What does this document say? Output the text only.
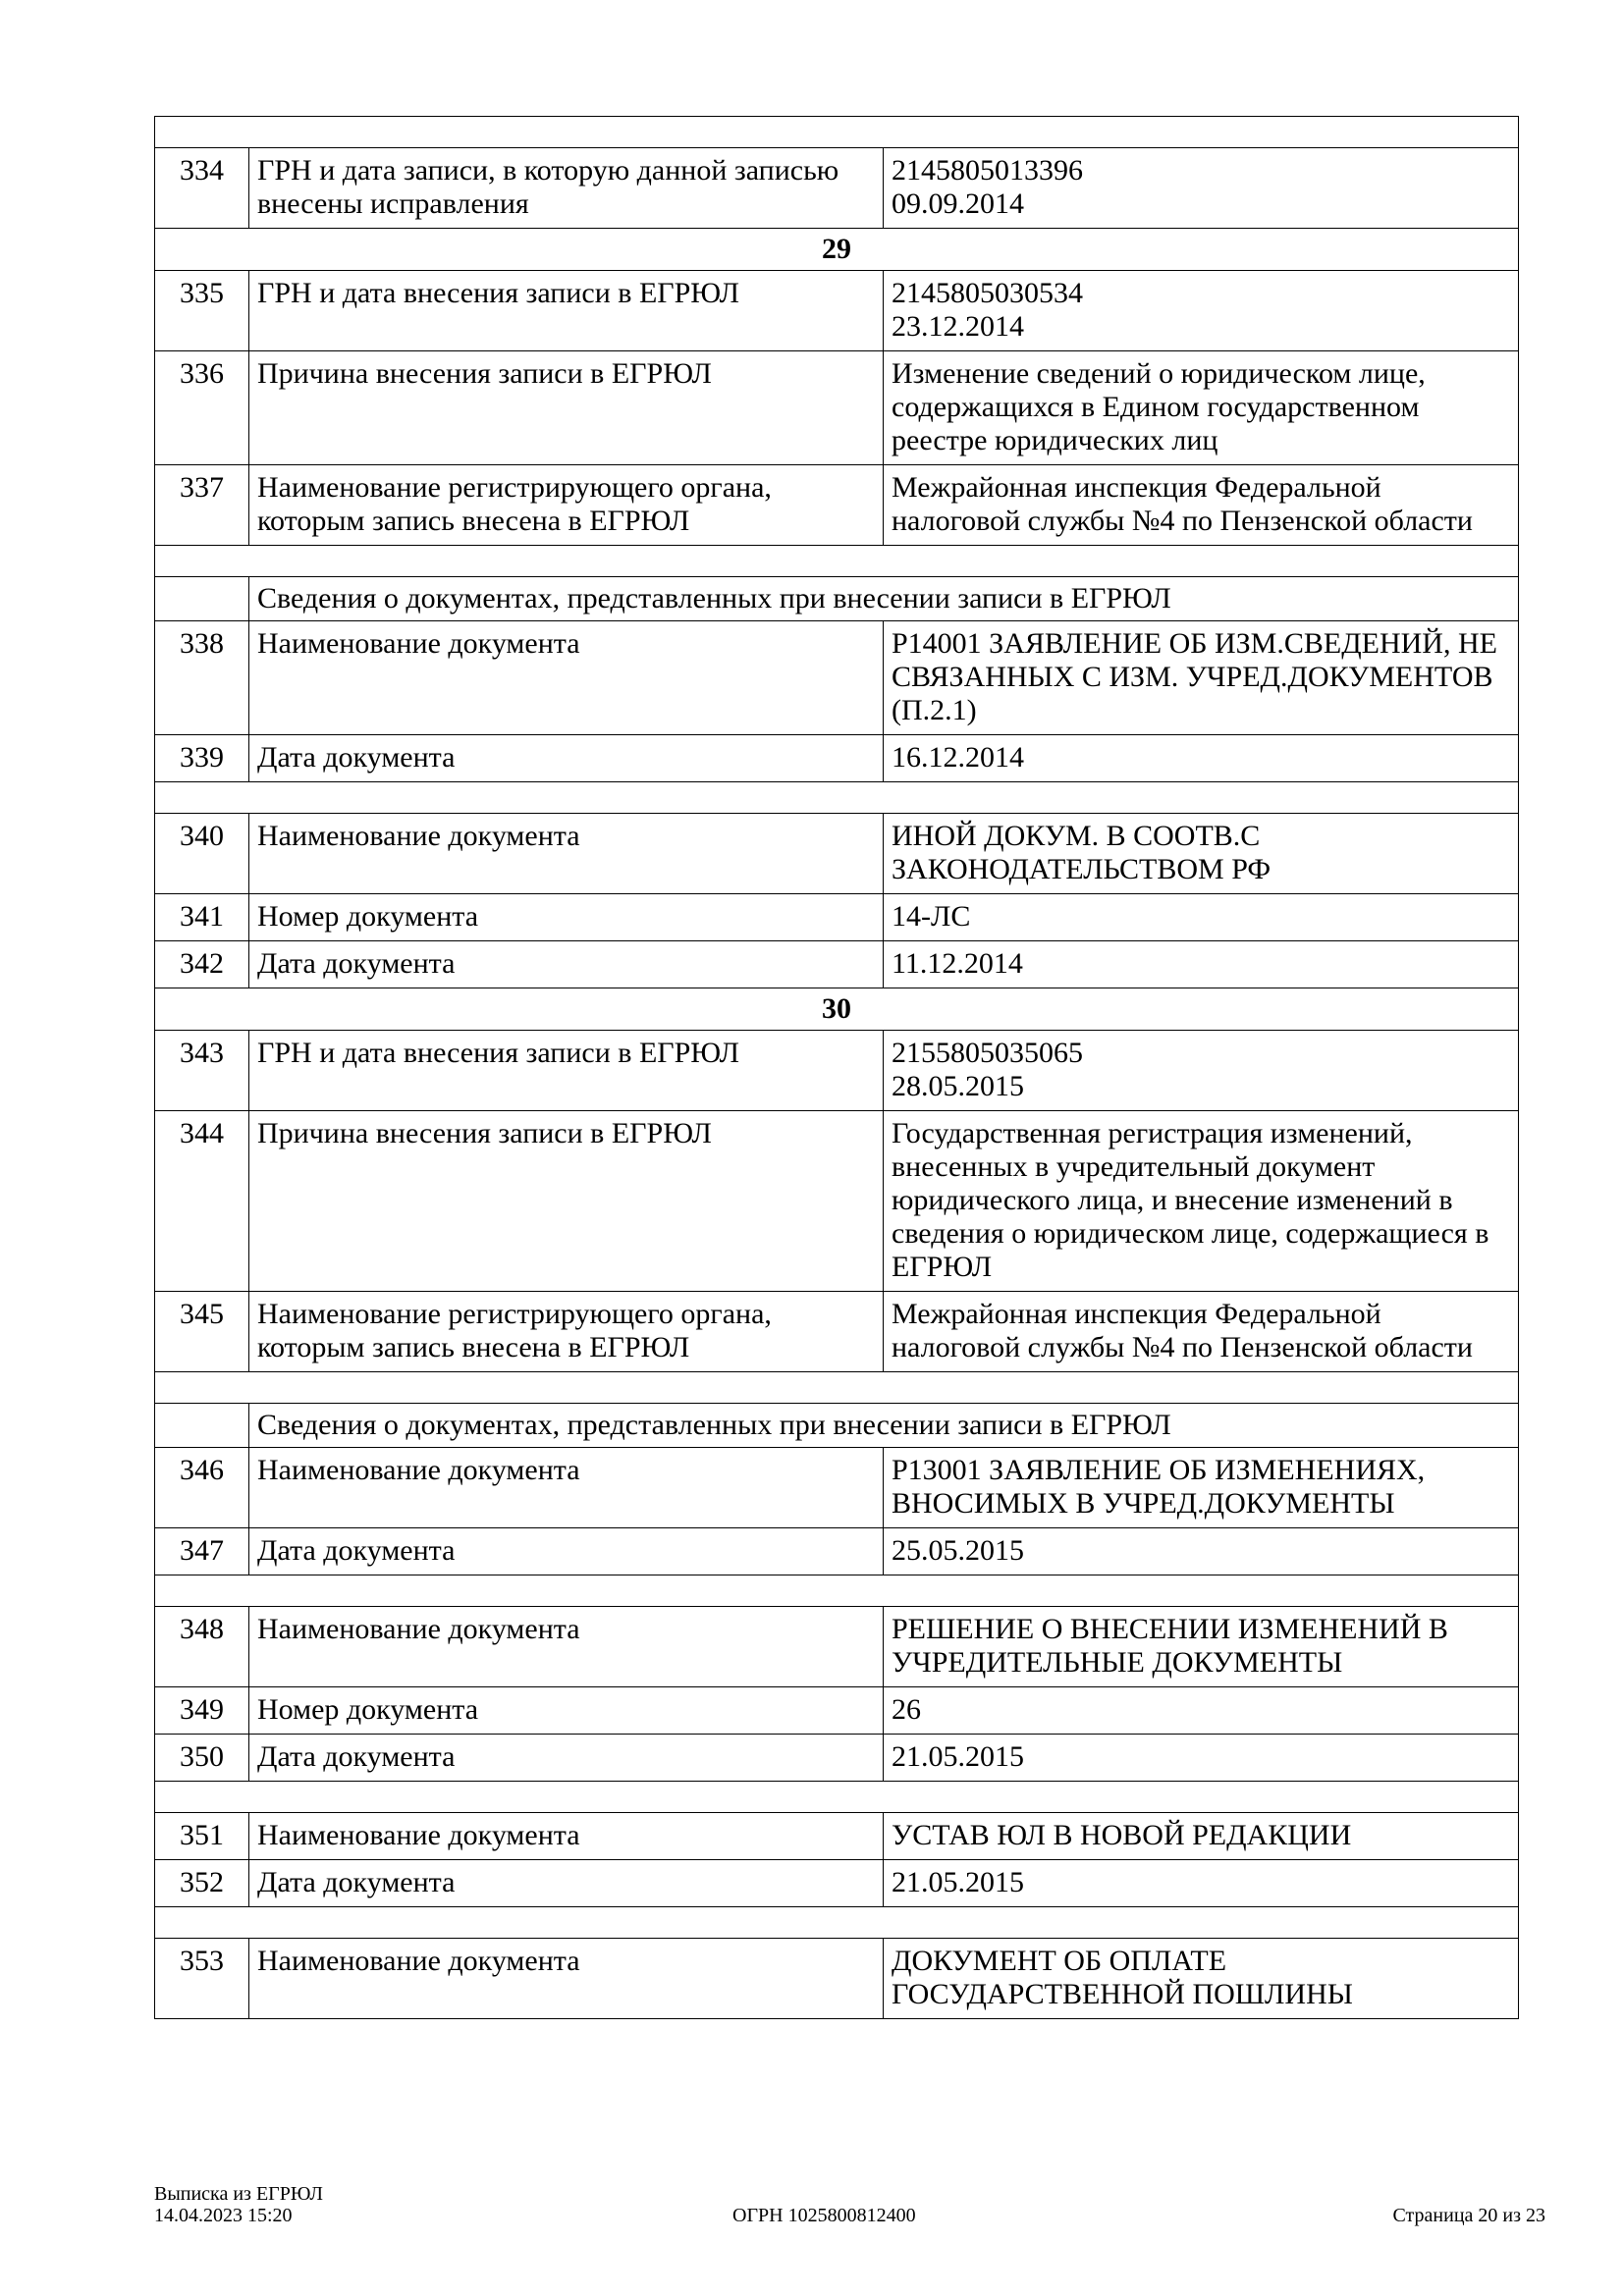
334	ГРН и дата записи, в которую данной записью внесены исправления	2145805013396
09.09.2014
29		
335	ГРН и дата внесения записи в ЕГРЮЛ	2145805030534
23.12.2014
336	Причина внесения записи в ЕГРЮЛ	Изменение сведений о юридическом лице, содержащихся в Едином государственном реестре юридических лиц
337	Наименование регистрирующего органа, которым запись внесена в ЕГРЮЛ	Межрайонная инспекция Федеральной налоговой службы №4 по Пензенской области

	Сведения о документах, представленных при внесении записи в ЕГРЮЛ	
338	Наименование документа	Р14001 ЗАЯВЛЕНИЕ ОБ ИЗМ.СВЕДЕНИЙ, НЕ СВЯЗАННЫХ С ИЗМ. УЧРЕД.ДОКУМЕНТОВ (П.2.1)
339	Дата документа	16.12.2014

340	Наименование документа	ИНОЙ ДОКУМ. В СООТВ.С ЗАКОНОДАТЕЛЬСТВОМ РФ
341	Номер документа	14-ЛС
342	Дата документа	11.12.2014
30		
343	ГРН и дата внесения записи в ЕГРЮЛ	2155805035065
28.05.2015
344	Причина внесения записи в ЕГРЮЛ	Государственная регистрация изменений, внесенных в учредительный документ юридического лица, и внесение изменений в сведения о юридическом лице, содержащиеся в ЕГРЮЛ
345	Наименование регистрирующего органа, которым запись внесена в ЕГРЮЛ	Межрайонная инспекция Федеральной налоговой службы №4 по Пензенской области

	Сведения о документах, представленных при внесении записи в ЕГРЮЛ	
346	Наименование документа	Р13001 ЗАЯВЛЕНИЕ ОБ ИЗМЕНЕНИЯХ, ВНОСИМЫХ В УЧРЕД.ДОКУМЕНТЫ
347	Дата документа	25.05.2015

348	Наименование документа	РЕШЕНИЕ О ВНЕСЕНИИ ИЗМЕНЕНИЙ В УЧРЕДИТЕЛЬНЫЕ ДОКУМЕНТЫ
349	Номер документа	26
350	Дата документа	21.05.2015

351	Наименование документа	УСТАВ ЮЛ В НОВОЙ РЕДАКЦИИ
352	Дата документа	21.05.2015

353	Наименование документа	ДОКУМЕНТ ОБ ОПЛАТЕ ГОСУДАРСТВЕННОЙ ПОШЛИНЫ
Выписка из ЕГРЮЛ
14.04.2023 15:20	ОГРН 1025800812400	Страница 20 из 23
